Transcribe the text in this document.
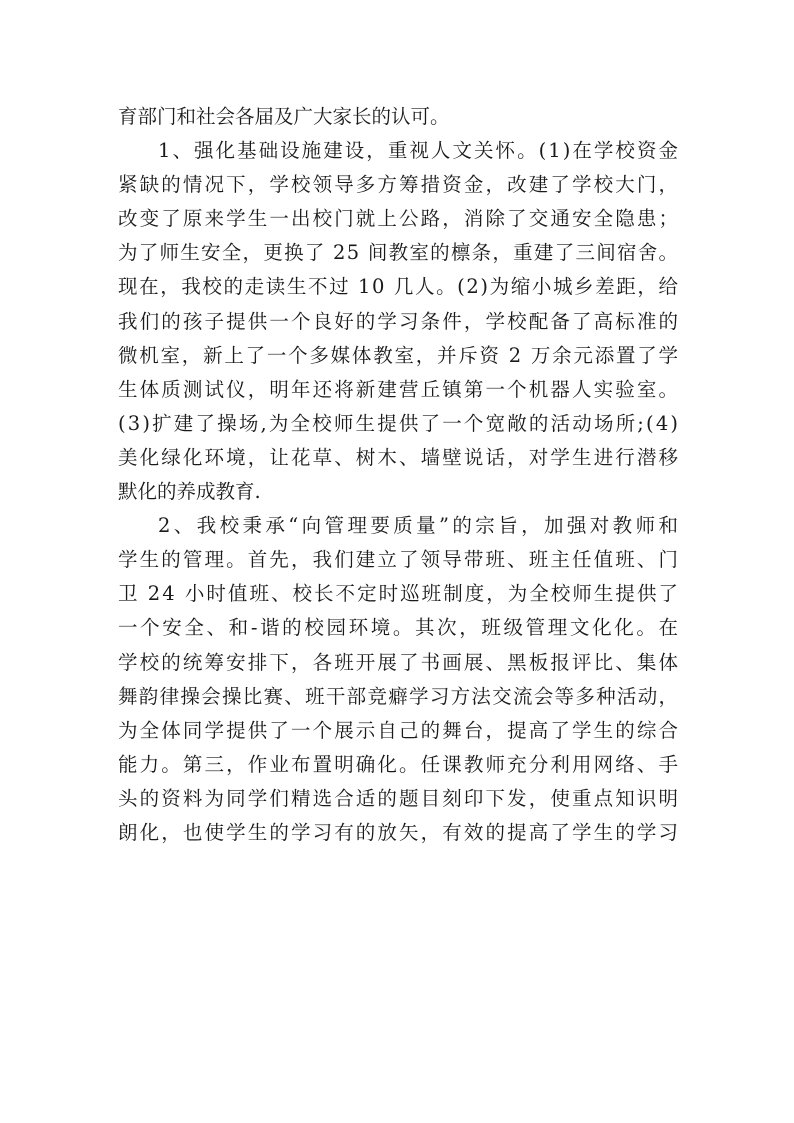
育部门和社会各届及广大家长的认可。
1、强化基础设施建设，重视人文关怀。(1)在学校资金
紧缺的情况下，学校领导多方筹措资金，改建了学校大门，
改变了原来学生一出校门就上公路，消除了交通安全隐患；
为了师生安全，更换了 25 间教室的檩条，重建了三间宿舍。
现在，我校的走读生不过 10 几人。(2)为缩小城乡差距，给
我们的孩子提供一个良好的学习条件，学校配备了高标准的
微机室，新上了一个多媒体教室，并斥资 2 万余元添置了学
生体质测试仪，明年还将新建营丘镇第一个机器人实验室。
(3)扩建了操场,为全校师生提供了一个宽敞的活动场所;(4)
美化绿化环境，让花草、树木、墙壁说话，对学生进行潜移
默化的养成教育.
2、我校秉承“向管理要质量”的宗旨，加强对教师和
学生的管理。首先，我们建立了领导带班、班主任值班、门
卫 24 小时值班、校长不定时巡班制度，为全校师生提供了
一个安全、和-谐的校园环境。其次，班级管理文化化。在
学校的统筹安排下，各班开展了书画展、黑板报评比、集体
舞韵律操会操比赛、班干部竞癖学习方法交流会等多种活动，
为全体同学提供了一个展示自己的舞台，提高了学生的综合
能力。第三，作业布置明确化。任课教师充分利用网络、手
头的资料为同学们精选合适的题目刻印下发，使重点知识明
朗化，也使学生的学习有的放矢，有效的提高了学生的学习
